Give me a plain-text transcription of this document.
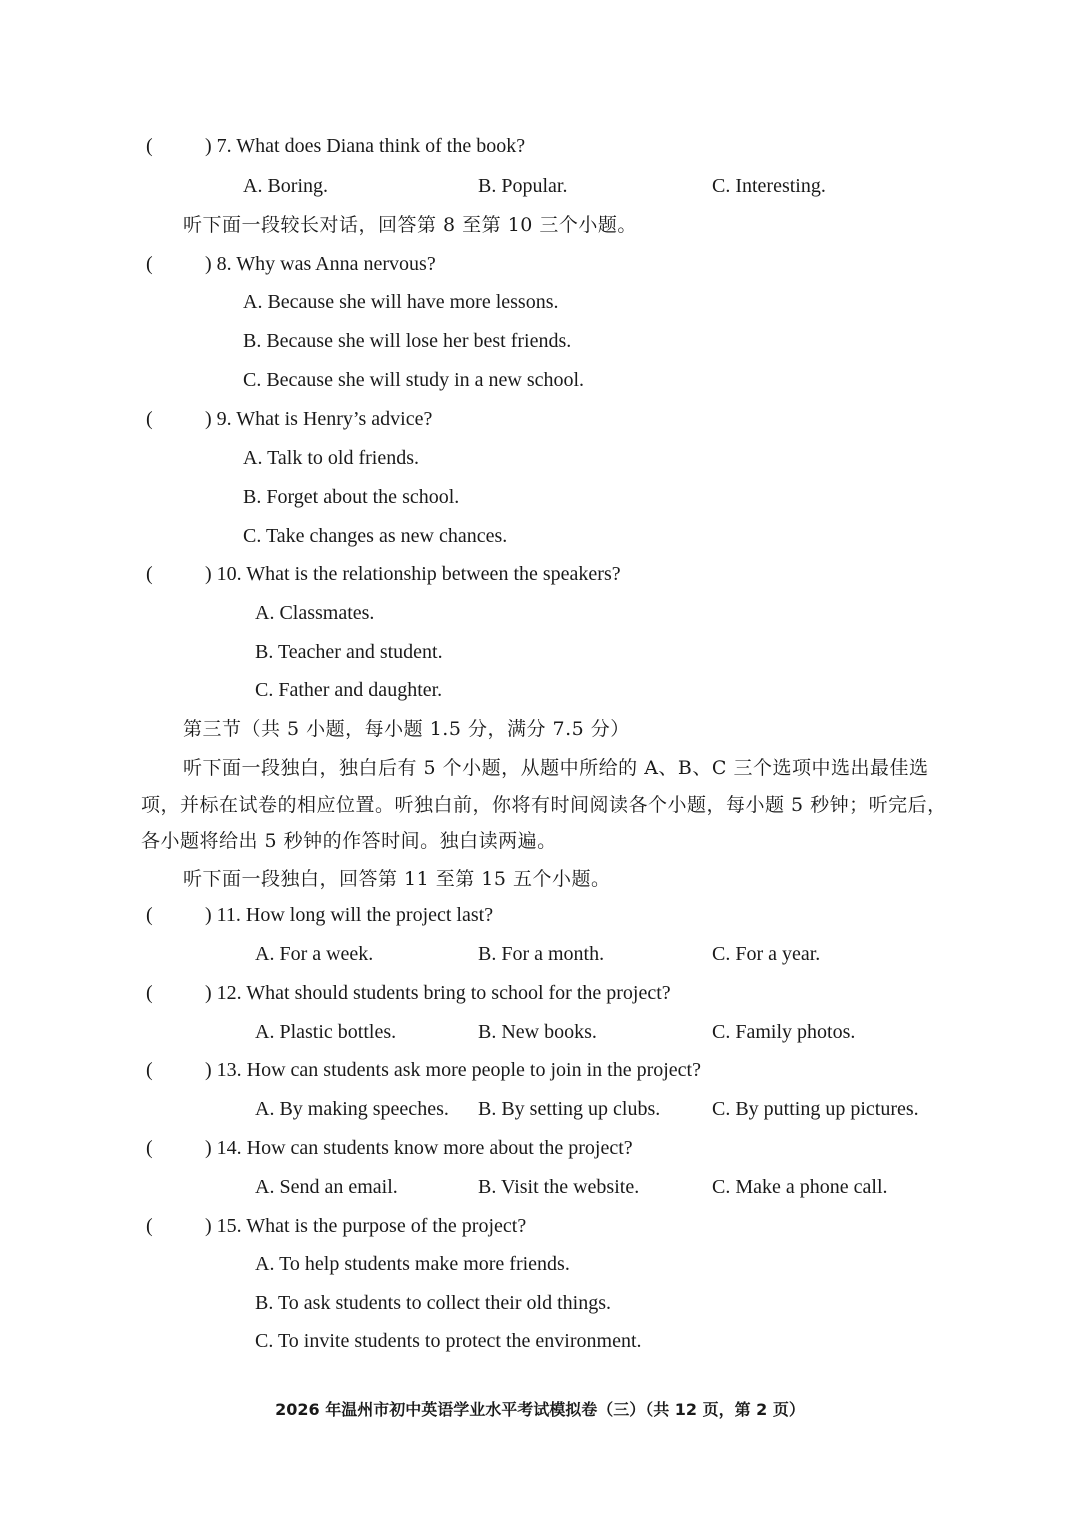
(	) 7. What does Diana think of the book?
A. Boring.	B. Popular.	C. Interesting.
听下面一段较长对话，回答第 8 至第 10 三个小题。
(	) 8. Why was Anna nervous?
A. Because she will have more lessons.
B. Because she will lose her best friends.
C. Because she will study in a new school.
(	) 9. What is Henry’s advice?
A. Talk to old friends.
B. Forget about the school.
C. Take changes as new chances.
(	) 10. What is the relationship between the speakers?
A. Classmates.
B. Teacher and student.
C. Father and daughter.
第三节（共 5 小题，每小题 1.5 分，满分 7.5 分）
听下面一段独白，独白后有 5 个小题，从题中所给的 A、B、C 三个选项中选出最佳选
项，并标在试卷的相应位置。听独白前，你将有时间阅读各个小题，每小题 5 秒钟；听完后，
各小题将给出 5 秒钟的作答时间。独白读两遍。
听下面一段独白，回答第 11 至第 15 五个小题。
(	) 11. How long will the project last?
A. For a week.	B. For a month.	C. For a year.
(	) 12. What should students bring to school for the project?
A. Plastic bottles.	B. New books.	C. Family photos.
(	) 13. How can students ask more people to join in the project?
A. By making speeches. B. By setting up clubs.	C. By putting up pictures.
(	) 14. How can students know more about the project?
A. Send an email.	B. Visit the website.	C. Make a phone call.
(	) 15. What is the purpose of the project?
A. To help students make more friends.
B. To ask students to collect their old things.
C. To invite students to protect the environment.
2026 年温州市初中英语学业水平考试模拟卷（三）（共 12 页，第 2 页）
